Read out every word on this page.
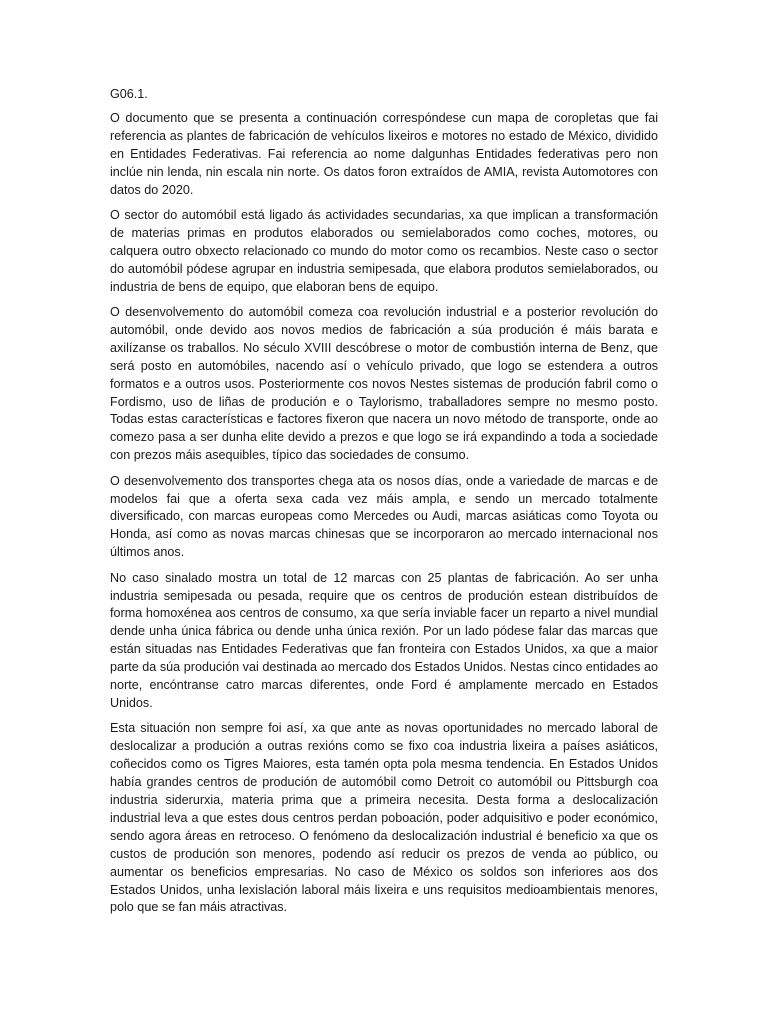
G06.1.

O documento que se presenta a continuación correspóndese cun mapa de coropletas que fai referencia as plantes de fabricación de vehículos lixeiros e motores no estado de México, dividido en Entidades Federativas. Fai referencia ao nome dalgunhas Entidades federativas pero non inclúe nin lenda, nin escala nin norte. Os datos foron extraídos de AMIA, revista Automotores con datos do 2020.

O sector do automóbil está ligado ás actividades secundarias, xa que implican a transformación de materias primas en produtos elaborados ou semielaborados como coches, motores, ou calquera outro obxecto relacionado co mundo do motor como os recambios. Neste caso o sector do automóbil pódese agrupar en industria semipesada, que elabora produtos semielaborados, ou industria de bens de equipo, que elaboran bens de equipo.

O desenvolvemento do automóbil comeza coa revolución industrial e a posterior revolución do automóbil, onde devido aos novos medios de fabricación a súa produción é máis barata e axilízanse os traballos. No século XVIII descóbrese o motor de combustión interna de Benz, que será posto en automóbiles, nacendo así o vehículo privado, que logo se estendera a outros formatos e a outros usos. Posteriormente cos novos Nestes sistemas de produción fabril como o Fordismo, uso de liñas de produción e o Taylorismo, traballadores sempre no mesmo posto. Todas estas características e factores fixeron que nacera un novo método de transporte, onde ao comezo pasa a ser dunha elite devido a prezos e que logo se irá expandindo a toda a sociedade con prezos máis asequibles, típico das sociedades de consumo.

O desenvolvemento dos transportes chega ata os nosos días, onde a variedade de marcas e de modelos fai que a oferta sexa cada vez máis ampla, e sendo un mercado totalmente diversificado, con marcas europeas como Mercedes ou Audi, marcas asiáticas como Toyota ou Honda, así como as novas marcas chinesas que se incorporaron ao mercado internacional nos últimos anos.

No caso sinalado mostra un total de 12 marcas con 25 plantas de fabricación. Ao ser unha industria semipesada ou pesada, require que os centros de produción estean distribuídos de forma homoxénea aos centros de consumo, xa que sería inviable facer un reparto a nivel mundial dende unha única fábrica ou dende unha única rexión. Por un lado pódese falar das marcas que están situadas nas Entidades Federativas que fan fronteira con Estados Unidos, xa que a maior parte da súa produción vai destinada ao mercado dos Estados Unidos. Nestas cinco entidades ao norte, encóntranse catro marcas diferentes, onde Ford é amplamente mercado en Estados Unidos.

Esta situación non sempre foi así, xa que ante as novas oportunidades no mercado laboral de deslocalizar a produción a outras rexións como se fixo coa industria lixeira a países asiáticos, coñecidos como os Tigres Maiores, esta tamén opta pola mesma tendencia. En Estados Unidos había grandes centros de produción de automóbil como Detroit co automóbil ou Pittsburgh coa industria siderurxia, materia prima que a primeira necesita. Desta forma a deslocalización industrial leva a que estes dous centros perdan poboación, poder adquisitivo e poder económico, sendo agora áreas en retroceso. O fenómeno da deslocalización industrial é beneficio xa que os custos de produción son menores, podendo así reducir os prezos de venda ao público, ou aumentar os beneficios empresarias. No caso de México os soldos son inferiores aos dos Estados Unidos, unha lexislación laboral máis lixeira e uns requisitos medioambientais menores, polo que se fan máis atractivas.
